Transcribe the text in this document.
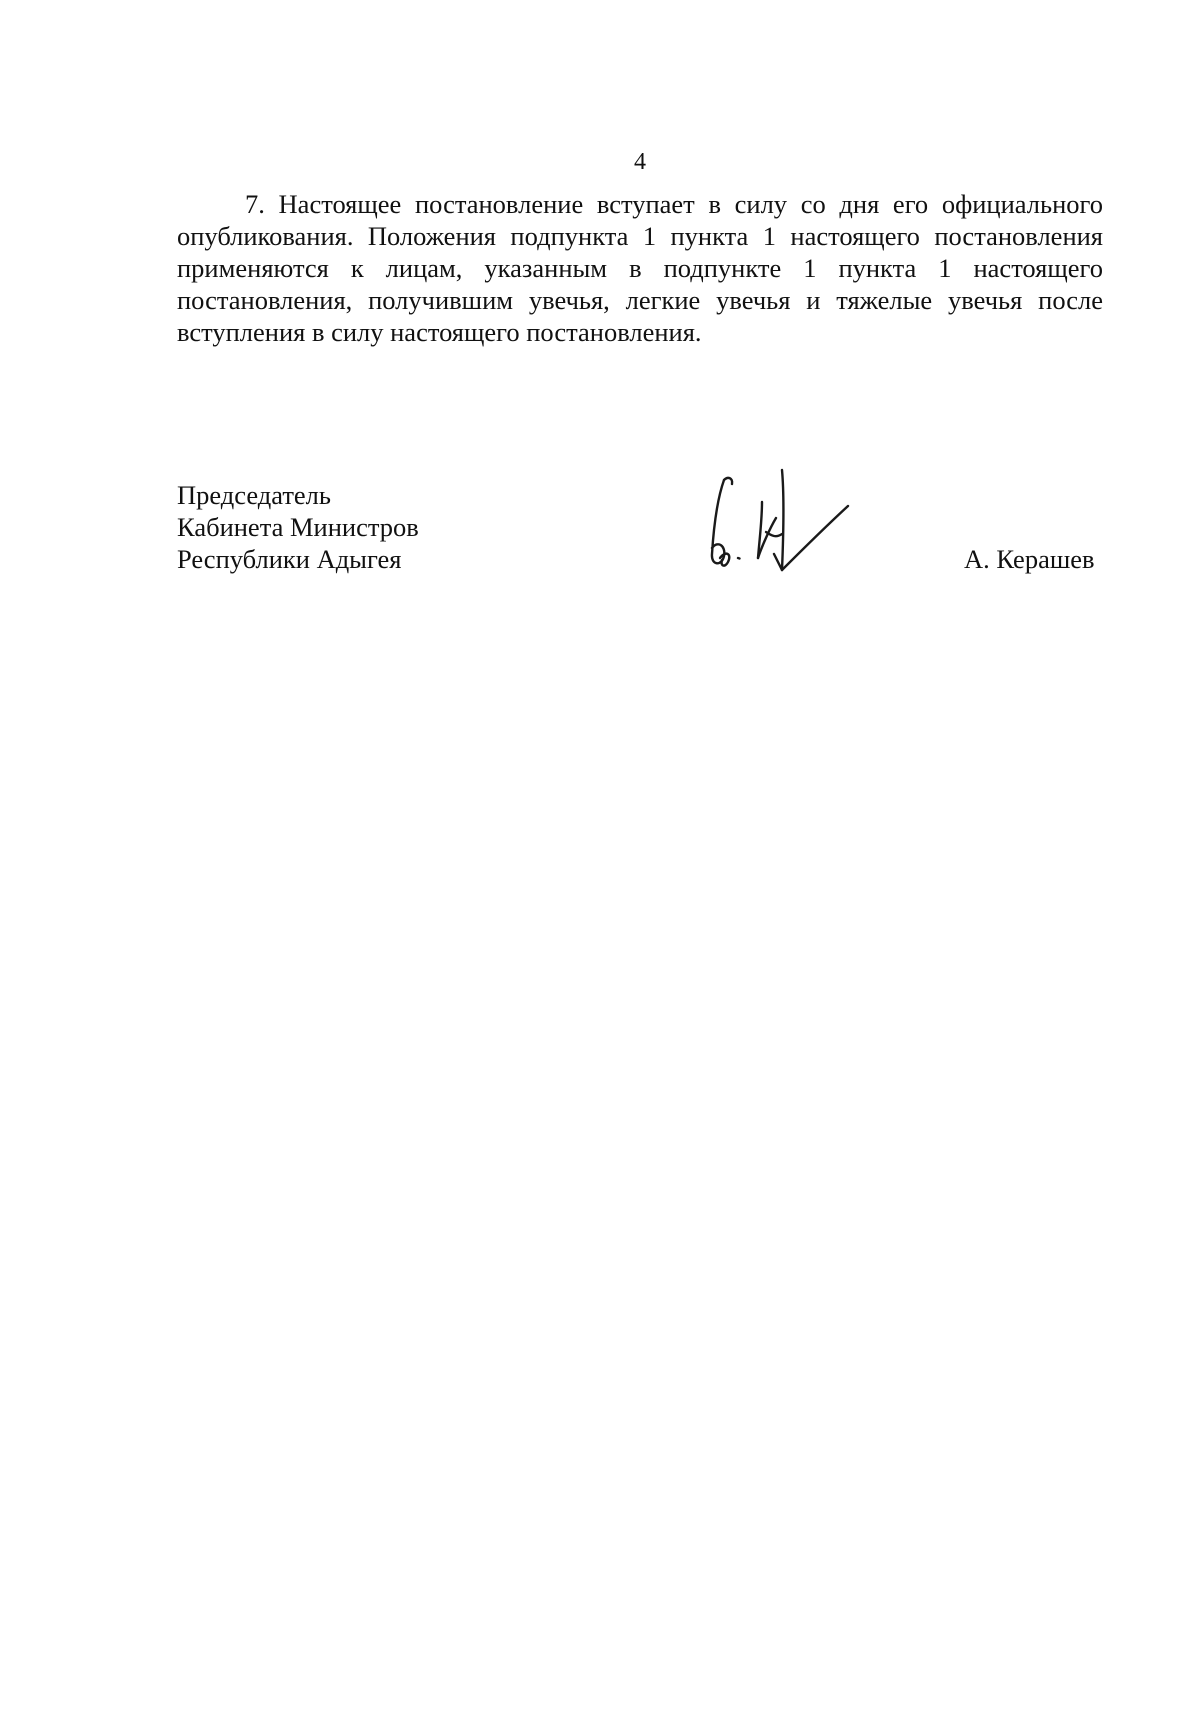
4

7. Настоящее постановление вступает в силу со дня его официального опубликования. Положения подпункта 1 пункта 1 настоящего постановления применяются к лицам, указанным в подпункте 1 пункта 1 настоящего постановления, получившим увечья, легкие увечья и тяжелые увечья после вступления в силу настоящего постановления.

Председатель
Кабинета Министров
Республики Адыгея	А. Керашев
